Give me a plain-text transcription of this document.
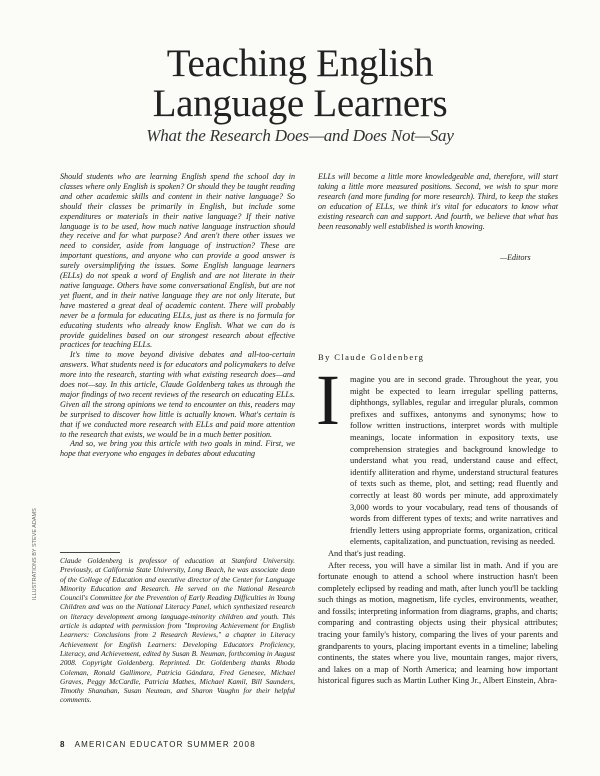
Teaching English
Language Learners
What the Research Does—and Does Not—Say

Should students who are learning English spend the school day in classes where only English is spoken? Or should they be taught reading and other academic skills and content in their native language? So should their classes be primarily in English, but include some expenditures or materials in their native language? If their native language is to be used, how much native language instruction should they receive and for what purpose? And aren't there other issues we need to consider, aside from language of instruction? These are important questions, and anyone who can provide a good answer is surely oversimplifying the issues. Some English language learners (ELLs) do not speak a word of English and are not literate in their native language. Others have some conversational English, but are not yet fluent, and in their native language they are not only literate, but have mastered a great deal of academic content. There will probably never be a formula for educating ELLs, just as there is no formula for educating students who already know English. What we can do is provide guidelines based on our strongest research about effective practices for teaching ELLs.

It's time to move beyond divisive debates and all-too-certain answers. What students need is for educators and policymakers to delve more into the research, starting with what existing research does—and does not—say. In this article, Claude Goldenberg takes us through the major findings of two recent reviews of the research on educating ELLs. Given all the strong opinions we tend to encounter on this, readers may be surprised to discover how little is actually known. What's certain is that if we conducted more research with ELLs and paid more attention to the research that exists, we would be in a much better position.

And so, we bring you this article with two goals in mind. First, we hope that everyone who engages in debates about educating

ELLs will become a little more knowledgeable and, therefore, will start taking a little more measured positions. Second, we wish to spur more research (and more funding for more research). Third, to keep the stakes on education of ELLs, we think it's vital for educators to know what existing research can and support. And fourth, we believe that what has been reasonably well established is worth knowing.

—Editors
By Claude Goldenberg
I magine you are in second grade. Throughout the year, you might be expected to learn irregular spelling patterns, diphthongs, syllables, regular and irregular plurals, common prefixes and suffixes, antonyms and synonyms; how to follow written instructions, interpret words with multiple meanings, locate information in expository texts, use comprehension strategies and background knowledge to understand what you read, understand cause and effect, identify alliteration and rhyme, understand structural features of texts such as theme, plot, and setting; read fluently and correctly at least 80 words per minute, add approximately 3,000 words to your vocabulary, read tens of thousands of words from different types of texts; and write narratives and friendly letters using appropriate forms, organization, critical elements, capitalization, and punctuation, revising as needed.

And that's just reading.

After recess, you will have a similar list in math. And if you are fortunate enough to attend a school where instruction hasn't been completely eclipsed by reading and math, after lunch you'll be tackling such things as motion, magnetism, life cycles, environments, weather, and fossils; interpreting information from diagrams, graphs, and charts; comparing and contrasting objects using their physical attributes; tracing your family's history, comparing the lives of your parents and grandparents to yours, placing important events in a timeline; labeling continents, the states where you live, mountain ranges, major rivers, and lakes on a map of North America; and learning how important historical figures such as Martin Luther King Jr., Albert Einstein, Abra-

Claude Goldenberg is professor of education at Stanford University. Previously, at California State University, Long Beach, he was associate dean of the College of Education and executive director of the Center for Language Minority Education and Research. He served on the National Research Council's Committee for the Prevention of Early Reading Difficulties in Young Children and was on the National Literacy Panel, which synthesized research on literacy development among language-minority children and youth. This article is adapted with permission from "Improving Achievement for English Learners: Conclusions from 2 Research Reviews," a chapter in Literacy Achievement for English Learners: Developing Educators Proficiency, Literacy, and Achievement, edited by Susan B. Neuman, forthcoming in August 2008. Copyright Goldenberg. Reprinted. Dr. Goldenberg thanks Rhoda Coleman, Ronald Gallimore, Patricia Gándara, Fred Genesee, Michael Graves, Peggy McCardle, Patricia Mathes, Michael Kamil, Bill Saunders, Timothy Shanahan, Susan Neuman, and Sharon Vaughn for their helpful comments.
ILLUSTRATIONS BY STEVE ADAMS
8 AMERICAN EDUCATOR SUMMER 2008
